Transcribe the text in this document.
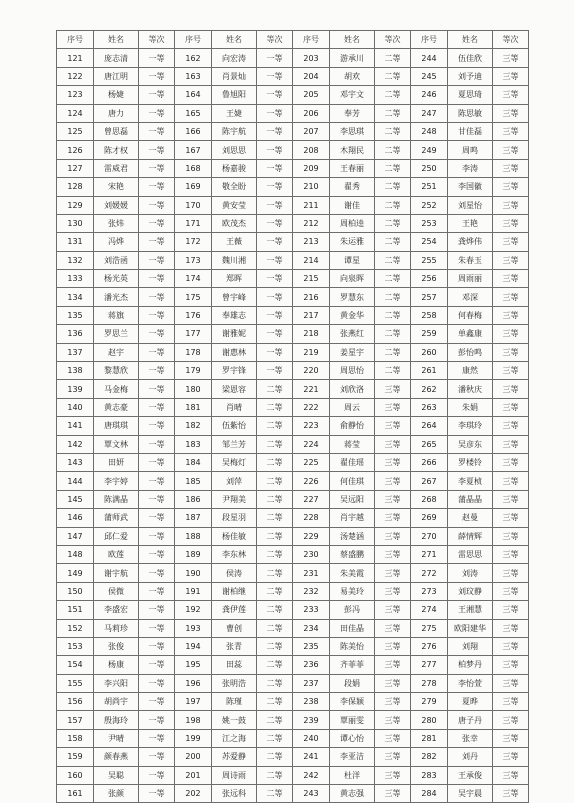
序号	姓名	等次	序号	姓名	等次	序号	姓名	等次	序号	姓名	等次
121	庞志清	一等	162	向宏涛	一等	203	游承川	二等	244	伍佳欣	三等
122	唐江明	一等	163	肖景灿	一等	204	胡欢	二等	245	刘予迪	三等
123	杨婕	一等	164	鲁旭阳	一等	205	邓宇文	二等	246	夏思琦	三等
124	唐力	一等	165	王婕	一等	206	奉芳	二等	247	陈思敏	三等
125	曾思磊	一等	166	陈宇航	一等	207	李思琪	二等	248	甘佳磊	三等
126	陈才权	一等	167	刘思思	一等	208	木翔民	二等	249	周鸣	三等
127	雷威君	一等	168	杨嘉骏	一等	209	王春丽	二等	250	李涛	三等
128	宋艳	一等	169	敬全盼	一等	210	翟秀	二等	251	李国徽	三等
129	刘媛媛	一等	170	黄安莹	一等	211	谢佳	二等	252	刘星怡	三等
130	张炜	一等	171	欧茂杰	一等	212	周柏逵	二等	253	王艳	三等
131	冯烨	一等	172	王薇	一等	213	朱运雅	二等	254	龚烨伟	三等
132	刘浩函	一等	173	魏川湘	一等	214	谭星	二等	255	朱春玉	三等
133	杨光英	一等	174	郑晖	一等	215	向泉晖	二等	256	周雨丽	三等
134	潘光杰	一等	175	曾宇峰	一等	216	罗慧东	二等	257	邓深	三等
135	蒋旗	一等	176	奉雄志	一等	217	黄金华	二等	258	何春梅	三等
136	罗思兰	一等	177	谢雅妮	一等	218	张燕红	二等	259	单鑫康	三等
137	赵宇	一等	178	谢惠林	一等	219	姜星宇	二等	260	彭怡鸣	三等
138	黎慧欣	一等	179	罗宇锋	一等	220	周思怡	二等	261	康然	三等
139	马金梅	一等	180	梁恩容	二等	221	刘欣洛	三等	262	潘秋庆	三等
140	黄志豪	一等	181	肖晴	二等	222	周云	三等	263	朱娟	三等
141	唐琪琪	一等	182	伍紫怡	二等	223	俞静怡	三等	264	李琪玲	三等
142	覃文林	一等	183	邹兰芳	二等	224	蒋莹	三等	265	吴彦东	三等
143	田妍	一等	184	吴梅灯	二等	225	翟佳瑶	三等	266	罗楼铃	三等
144	李宇婷	一等	185	刘萍	二等	226	何佳琪	三等	267	李夏桢	三等
145	陈满晶	一等	186	尹翔美	二等	227	吴远阳	三等	268	蒲晶晶	三等
146	蒲师武	一等	187	段星羽	二等	228	肖宇越	三等	269	赵曼	三等
147	邱仁爱	一等	188	杨佳敏	二等	229	汤楚涵	三等	270	薛情辉	三等
148	欧莲	一等	189	李东林	二等	230	蔡盛鹏	三等	271	雷思思	三等
149	谢宇航	一等	190	侯涛	二等	231	朱美霞	三等	272	刘涛	三等
150	侯微	一等	191	谢柏继	二等	232	易美玲	三等	273	刘玟静	三等
151	李盛宏	一等	192	龚伊莲	二等	233	彭冯	三等	274	王湘慧	三等
152	马莉珍	一等	193	曹创	二等	234	田佳晶	三等	275	欧阳建华	三等
153	张俊	一等	194	张青	二等	235	陈美怡	三等	276	刘翔	三等
154	杨康	一等	195	田蕊	二等	236	齐菲菲	三等	277	柏梦丹	三等
155	李兴阳	一等	196	张明浩	二等	237	段娟	三等	278	李怡萱	三等
156	胡尚宇	一等	197	陈瑾	二等	238	李保颖	三等	279	夏晔	三等
157	殷海玲	一等	198	姚一鼓	二等	239	覃丽雯	三等	280	唐子丹	三等
158	尹晴	一等	199	江之海	二等	240	谭心怡	三等	281	张幸	三等
159	颜春燕	一等	200	苏爱静	二等	241	李亚洁	三等	282	刘丹	三等
160	吴聪	一等	201	周诗雨	二等	242	杜洋	三等	283	王承俊	三等
161	张颜	一等	202	张远科	二等	243	黄志强	三等	284	吴宇晨	三等
